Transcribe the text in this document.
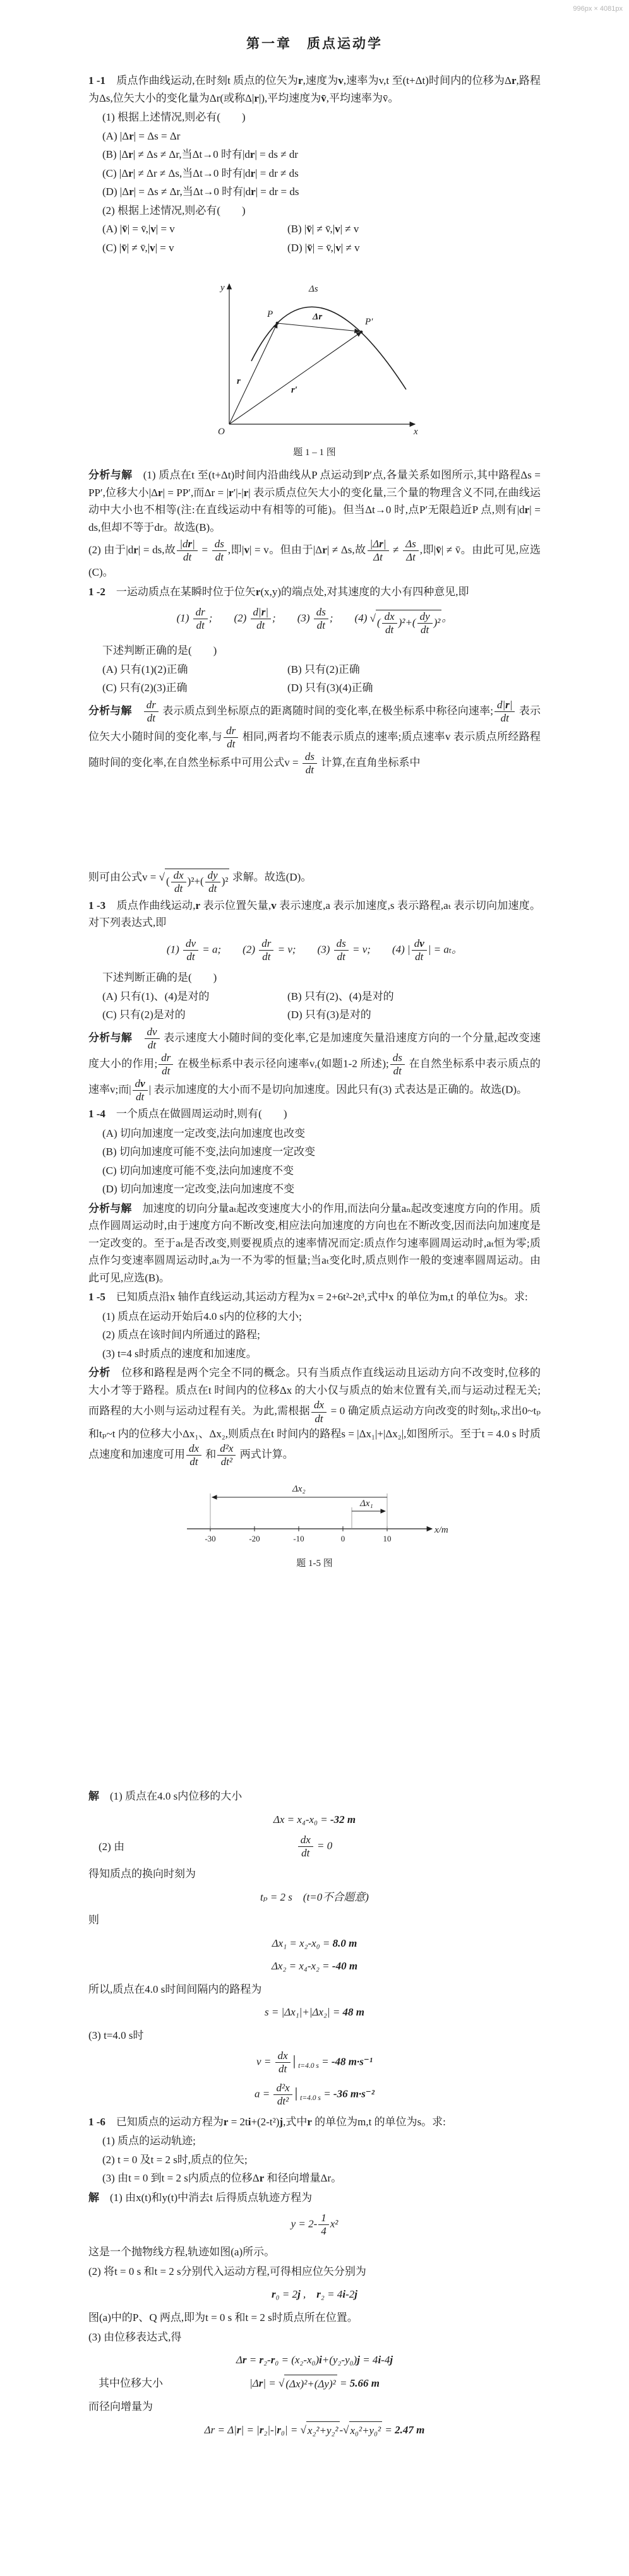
996px × 4081px
第一章　质点运动学
1 -1　质点作曲线运动,在时刻t 质点的位矢为r,速度为v,速率为v,t 至(t+Δt)时间内的位移为Δr,路程为Δs,位矢大小的变化量为Δr(或称Δ|r|),平均速度为v̄,平均速率为v̄。
(1) 根据上述情况,则必有(　　)
(A) |Δr| = Δs = Δr
(B) |Δr| ≠ Δs ≠ Δr,当Δt→0 时有|dr| = ds ≠ dr
(C) |Δr| ≠ Δr ≠ Δs,当Δt→0 时有|dr| = dr ≠ ds
(D) |Δr| = Δs ≠ Δr,当Δt→0 时有|dr| = dr = ds
(2) 根据上述情况,则必有(　　)
(A) |v̄| = v̄,|v| = v	(B) |v̄| ≠ v̄,|v| ≠ v
(C) |v̄| ≠ v̄,|v| = v	(D) |v̄| = v̄,|v| ≠ v
y
x
O
P
P′
r
r′
Δr
Δs
题 1 – 1 图
分析与解　(1) 质点在t 至(t+Δt)时间内沿曲线从P 点运动到P′点,各量关系如图所示,其中路程Δs = PP′,位移大小|Δr| = PP′,而Δr = |r′|-|r| 表示质点位矢大小的变化量,三个量的物理含义不同,在曲线运动中大小也不相等(注:在直线运动中有相等的可能)。但当Δt→0 时,点P′无限趋近P 点,则有|dr| = ds,但却不等于dr。故选(B)。
(2) 由于|dr| = ds,故 $\frac{|dr|}{dt} = \frac{ds}{dt}$ ,即|v| = v。但由于|Δr| ≠ Δs,故 $\frac{|\Delta r|}{\Delta t} \ne \frac{\Delta s}{\Delta t}$ ,即|v̄| ≠ v̄。由此可见,应选(C)。
1 -2　一运动质点在某瞬时位于位矢r(x,y)的端点处,对其速度的大小有四种意见,即
$(1) \frac{dr}{dt}$ ;　　$(2) \frac{d|r|}{dt}$ ;　　$(3) \frac{ds}{dt}$ ;　　(4) √ ( $\frac{dx}{dt} )^2+( \frac{dy}{dt} )^2$ 。
下述判断正确的是(　　)
(A) 只有(1)(2)正确	(B) 只有(2)正确
(C) 只有(2)(3)正确	(D) 只有(3)(4)正确
分析与解　 $\frac{dr}{dt}$ 表示质点到坐标原点的距离随时间的变化率,在极坐标系中称径向速率; $\frac{d|r|}{dt}$ 表示位矢大小随时间的变化率,与 $\frac{dr}{dt}$ 相同,两者均不能表示质点的速率;质点速率v 表示质点所经路程随时间的变化率,在自然坐标系中可用公式$v = \frac{ds}{dt}$ 计算,在直角坐标系中
则可由公式v = √ ( $\frac{dx}{dt} )^2+( \frac{dy}{dt} )^2$ 求解。故选(D)。
1 -3　质点作曲线运动,r 表示位置矢量,v 表示速度,a 表示加速度,s 表示路程,aₜ 表示切向加速度。对下列表达式,即
$(1) \frac{dv}{dt} = a$;　　$(2) \frac{dr}{dt} = v$;　　$(3) \frac{ds}{dt} = v$;　　(4) | $\frac{dv}{dt}$ | = aₜ。
下述判断正确的是(　　)
(A) 只有(1)、(4)是对的	(B) 只有(2)、(4)是对的
(C) 只有(2)是对的	(D) 只有(3)是对的
分析与解　 $\frac{dv}{dt}$ 表示速度大小随时间的变化率,它是加速度矢量沿速度方向的一个分量,起改变速度大小的作用; $\frac{dr}{dt}$ 在极坐标系中表示径向速率vᵣ(如题1-2 所述); $\frac{ds}{dt}$ 在自然坐标系中表示质点的速率v;而| $\frac{dv}{dt}$ | 表示加速度的大小而不是切向加速度。因此只有(3) 式表达是正确的。故选(D)。
1 -4　一个质点在做圆周运动时,则有(　　)
(A) 切向加速度一定改变,法向加速度也改变
(B) 切向加速度可能不变,法向加速度一定改变
(C) 切向加速度可能不变,法向加速度不变
(D) 切向加速度一定改变,法向加速度不变
分析与解　加速度的切向分量aₜ起改变速度大小的作用,而法向分量aₙ起改变速度方向的作用。质点作圆周运动时,由于速度方向不断改变,相应法向加速度的方向也在不断改变,因而法向加速度是一定改变的。至于aₜ是否改变,则要视质点的速率情况而定:质点作匀速率圆周运动时,aₜ恒为零;质点作匀变速率圆周运动时,aₜ为一不为零的恒量;当aₜ变化时,质点则作一般的变速率圆周运动。由此可见,应选(B)。
1 -5　已知质点沿x 轴作直线运动,其运动方程为x = 2+6t²-2t³,式中x 的单位为m,t 的单位为s。求:
(1) 质点在运动开始后4.0 s内的位移的大小;
(2) 质点在该时间内所通过的路程;
(3) t=4 s时质点的速度和加速度。
分析　位移和路程是两个完全不同的概念。只有当质点作直线运动且运动方向不改变时,位移的大小才等于路程。质点在t 时间内的位移Δx 的大小仅与质点的始末位置有关,而与运动过程无关;而路程的大小则与运动过程有关。为此,需根据 $\frac{dx}{dt} = 0$ 确定质点运动方向改变的时刻tₚ,求出0~tₚ和tₚ~t 内的位移大小Δx₁、Δx₂,则质点在t 时间内的路程s = |Δx₁|+|Δx₂|,如图所示。至于t = 4.0 s 时质点速度和加速度可用 $\frac{dx}{dt}$ 和 $\frac{\text{d²x}}{\text{dt²}}$ 两式计算。
Δx₂
Δx₁
-30	-20	-10	0	10
x/m
题 1-5 图
解　(1) 质点在4.0 s内位移的大小
Δx = x₄-x₀ = -32 m
(2) 由	$\frac{dx}{dt} = 0$
得知质点的换向时刻为
tₚ = 2 s　(t=0不合题意)
则
Δx₁ = x₂-x₀ = 8.0 m
Δx₂ = x₄-x₂ = -40 m
所以,质点在4.0 s时间间隔内的路程为
s = |Δx₁|+|Δx₂| = 48 m
(3) t=4.0 s时
$v = \frac{dx}{dt}$ $│_{t=4.0 s} = -48$ m·s⁻¹
$a = \frac{\text{d²x}}{\text{dt²}}$ $│_{t=4.0 s} = -36$ m·s⁻²
1 -6　已知质点的运动方程为r = 2ti+(2-t²)j,式中r 的单位为m,t 的单位为s。求:
(1) 质点的运动轨迹;
(2) t = 0 及t = 2 s时,质点的位矢;
(3) 由t = 0 到t = 2 s内质点的位移Δr 和径向增量Δr。
解　(1) 由x(t)和y(t)中消去t 后得质点轨迹方程为
$y = 2- \frac{1}{4} x^2$
这是一个抛物线方程,轨迹如图(a)所示。
(2) 将t = 0 s 和t = 2 s分别代入运动方程,可得相应位矢分别为
r₀ = 2j ,　r₂ = 4i-2j
图(a)中的P、Q 两点,即为t = 0 s 和t = 2 s时质点所在位置。
(3) 由位移表达式,得
Δr = r₂-r₀ = (x₂-x₀)i+(y₂-y₀)j = 4i-4j
其中位移大小	|Δr| = √ (Δx)²+(Δy)² = 5.66 m
而径向增量为
Δr = Δ|r| = |r₂|-|r₀| = √ x₂²+y₂² - √ x₀²+y₀² = 2.47 m
